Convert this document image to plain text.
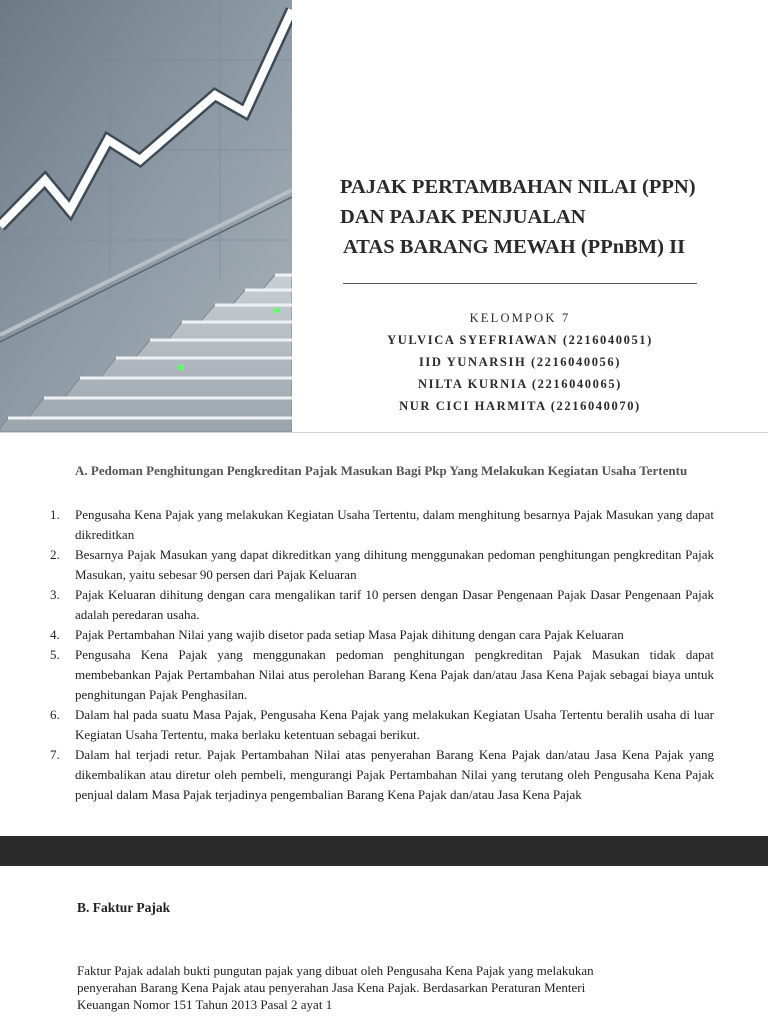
PAJAK PERTAMBAHAN NILAI (PPN)
DAN PAJAK PENJUALAN
ATAS BARANG MEWAH (PPnBM) II
KELOMPOK 7
YULVICA SYEFRIAWAN (2216040051)
IID YUNARSIH (2216040056)
NILTA KURNIA (2216040065)
NUR CICI HARMITA (2216040070)
A. Pedoman Penghitungan Pengkreditan Pajak Masukan Bagi Pkp Yang Melakukan Kegiatan Usaha Tertentu
1. Pengusaha Kena Pajak yang melakukan Kegiatan Usaha Tertentu, dalam menghitung besarnya Pajak Masukan yang dapat dikreditkan
2. Besarnya Pajak Masukan yang dapat dikreditkan yang dihitung menggunakan pedoman penghitungan pengkreditan Pajak Masukan, yaitu sebesar 90 persen dari Pajak Keluaran
3. Pajak Keluaran dihitung dengan cara mengalikan tarif 10 persen dengan Dasar Pengenaan Pajak Dasar Pengenaan Pajak adalah peredaran usaha.
4. Pajak Pertambahan Nilai yang wajib disetor pada setiap Masa Pajak dihitung dengan cara Pajak Keluaran
5. Pengusaha Kena Pajak yang menggunakan pedoman penghitungan pengkreditan Pajak Masukan tidak dapat membebankan Pajak Pertambahan Nilai atus perolehan Barang Kena Pajak dan/atau Jasa Kena Pajak sebagai biaya untuk penghitungan Pajak Penghasilan.
6. Dalam hal pada suatu Masa Pajak, Pengusaha Kena Pajak yang melakukan Kegiatan Usaha Tertentu beralih usaha di luar Kegiatan Usaha Tertentu, maka berlaku ketentuan sebagai berikut.
7. Dalam hal terjadi retur. Pajak Pertambahan Nilai atas penyerahan Barang Kena Pajak dan/atau Jasa Kena Pajak yang dikembalikan atau diretur oleh pembeli, mengurangi Pajak Pertambahan Nilai yang terutang oleh Pengusaha Kena Pajak penjual dalam Masa Pajak terjadinya pengembalian Barang Kena Pajak dan/atau Jasa Kena Pajak
B. Faktur Pajak

Faktur Pajak adalah bukti pungutan pajak yang dibuat oleh Pengusaha Kena Pajak yang melakukan
penyerahan Barang Kena Pajak atau penyerahan Jasa Kena Pajak. Berdasarkan Peraturan Menteri
Keuangan Nomor 151 Tahun 2013 Pasal 2 ayat 1
